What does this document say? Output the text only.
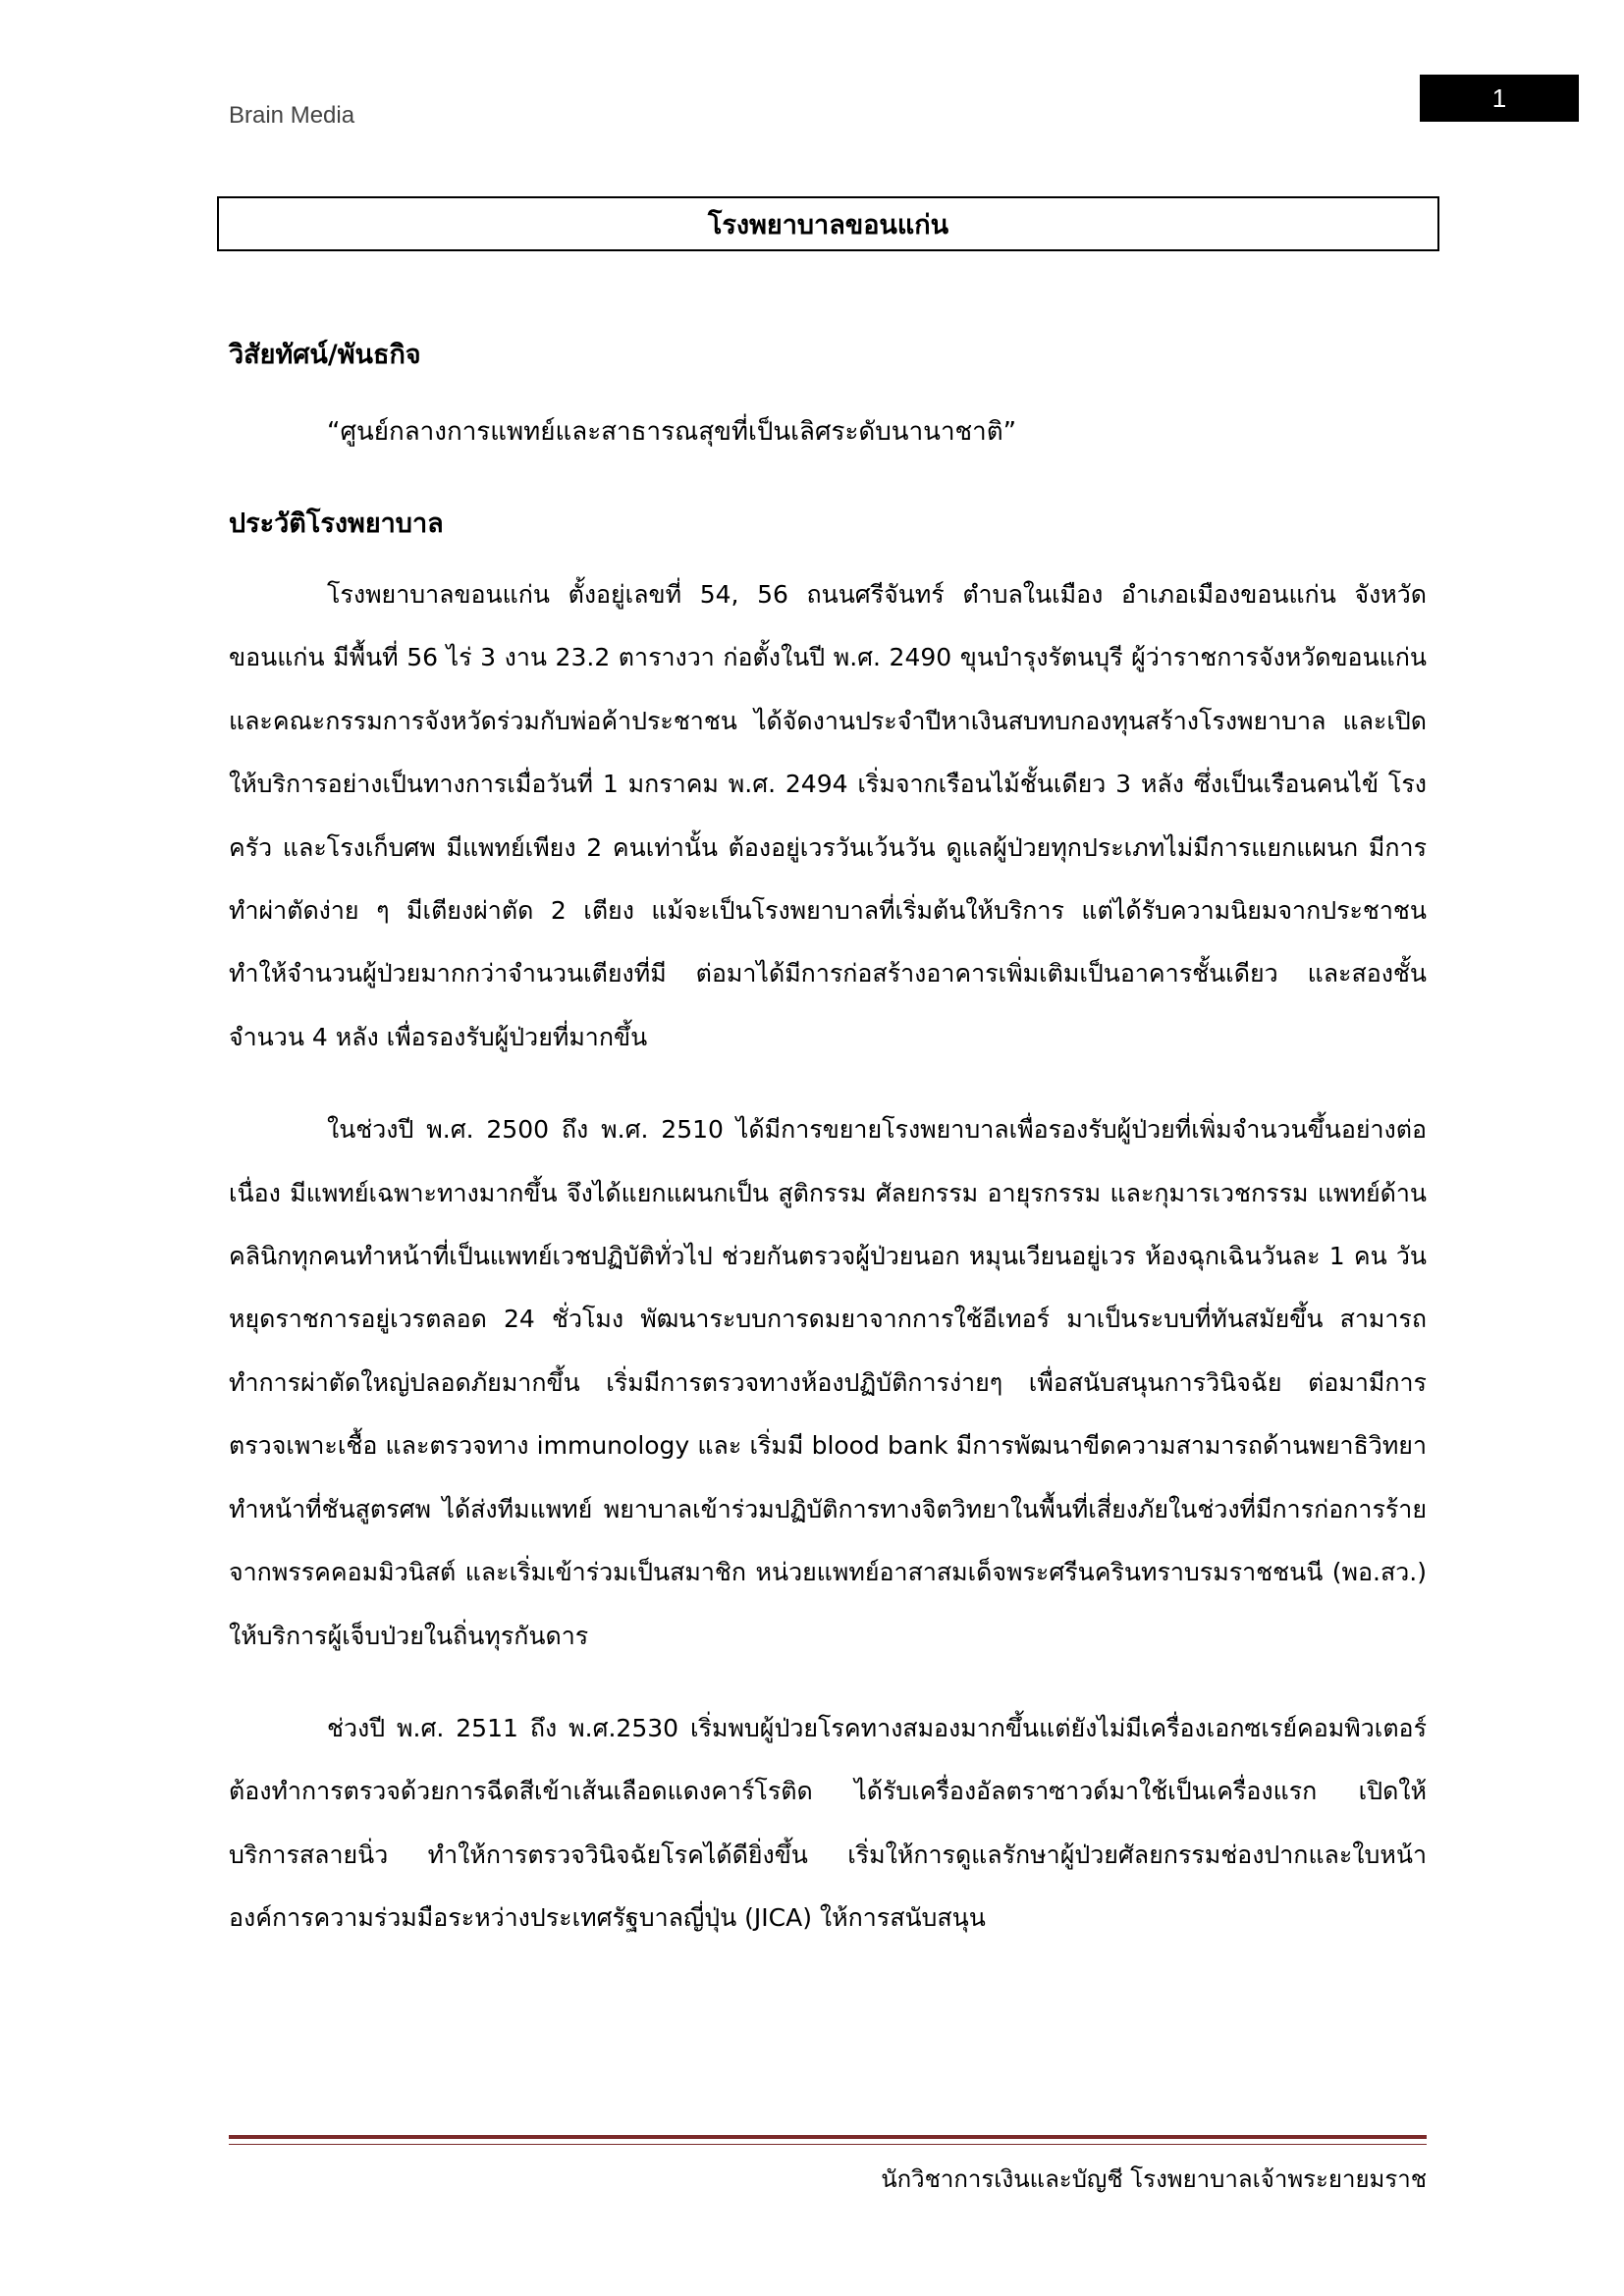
Brain Media
1
โรงพยาบาลขอนแก่น
วิสัยทัศน์/พันธกิจ

“ศูนย์กลางการแพทย์และสาธารณสุขที่เป็นเลิศระดับนานาชาติ”

ประวัติโรงพยาบาล

โรงพยาบาลขอนแก่น ตั้งอยู่เลขที่ 54, 56 ถนนศรีจันทร์ ตำบลในเมือง อำเภอเมืองขอนแก่น จังหวัดขอนแก่น มีพื้นที่ 56 ไร่ 3 งาน 23.2 ตารางวา ก่อตั้งในปี พ.ศ. 2490 ขุนบำรุงรัตนบุรี ผู้ว่าราชการจังหวัดขอนแก่น และคณะกรรมการจังหวัดร่วมกับพ่อค้าประชาชน ได้จัดงานประจำปีหาเงินสบทบกองทุนสร้างโรงพยาบาล และเปิดให้บริการอย่างเป็นทางการเมื่อวันที่ 1 มกราคม พ.ศ. 2494 เริ่มจากเรือนไม้ชั้นเดียว 3 หลัง ซึ่งเป็นเรือนคนไข้ โรงครัว และโรงเก็บศพ มีแพทย์เพียง 2 คนเท่านั้น ต้องอยู่เวรวันเว้นวัน ดูแลผู้ป่วยทุกประเภทไม่มีการแยกแผนก มีการทำผ่าตัดง่าย ๆ มีเตียงผ่าตัด 2 เตียง แม้จะเป็นโรงพยาบาลที่เริ่มต้นให้บริการ แต่ได้รับความนิยมจากประชาชน ทำให้จำนวนผู้ป่วยมากกว่าจำนวนเตียงที่มี ต่อมาได้มีการก่อสร้างอาคารเพิ่มเติมเป็นอาคารชั้นเดียว และสองชั้น จำนวน 4 หลัง เพื่อรองรับผู้ป่วยที่มากขึ้น

ในช่วงปี พ.ศ. 2500 ถึง พ.ศ. 2510 ได้มีการขยายโรงพยาบาลเพื่อรองรับผู้ป่วยที่เพิ่มจำนวนขึ้นอย่างต่อเนื่อง มีแพทย์เฉพาะทางมากขึ้น จึงได้แยกแผนกเป็น สูติกรรม ศัลยกรรม อายุรกรรม และกุมารเวชกรรม แพทย์ด้านคลินิกทุกคนทำหน้าที่เป็นแพทย์เวชปฏิบัติทั่วไป ช่วยกันตรวจผู้ป่วยนอก หมุนเวียนอยู่เวร ห้องฉุกเฉินวันละ 1 คน วันหยุดราชการอยู่เวรตลอด 24 ชั่วโมง พัฒนาระบบการดมยาจากการใช้อีเทอร์ มาเป็นระบบที่ทันสมัยขึ้น สามารถทำการผ่าตัดใหญ่ปลอดภัยมากขึ้น เริ่มมีการตรวจทางห้องปฏิบัติการง่ายๆ เพื่อสนับสนุนการวินิจฉัย ต่อมามีการตรวจเพาะเชื้อ และตรวจทาง immunology และ เริ่มมี blood bank มีการพัฒนาขีดความสามารถด้านพยาธิวิทยาทำหน้าที่ชันสูตรศพ ได้ส่งทีมแพทย์ พยาบาลเข้าร่วมปฏิบัติการทางจิตวิทยาในพื้นที่เสี่ยงภัยในช่วงที่มีการก่อการร้ายจากพรรคคอมมิวนิสต์ และเริ่มเข้าร่วมเป็นสมาชิก หน่วยแพทย์อาสาสมเด็จพระศรีนครินทราบรมราชชนนี (พอ.สว.) ให้บริการผู้เจ็บป่วยในถิ่นทุรกันดาร

ช่วงปี พ.ศ. 2511 ถึง พ.ศ.2530 เริ่มพบผู้ป่วยโรคทางสมองมากขึ้นแต่ยังไม่มีเครื่องเอกซเรย์คอมพิวเตอร์ ต้องทำการตรวจด้วยการฉีดสีเข้าเส้นเลือดแดงคาร์โรติด ได้รับเครื่องอัลตราซาวด์มาใช้เป็นเครื่องแรก เปิดให้บริการสลายนิ่ว ทำให้การตรวจวินิจฉัยโรคได้ดียิ่งขึ้น เริ่มให้การดูแลรักษาผู้ป่วยศัลยกรรมช่องปากและใบหน้า องค์การความร่วมมือระหว่างประเทศรัฐบาลญี่ปุ่น (JICA) ให้การสนับสนุน

นักวิชาการเงินและบัญชี โรงพยาบาลเจ้าพระยายมราช
